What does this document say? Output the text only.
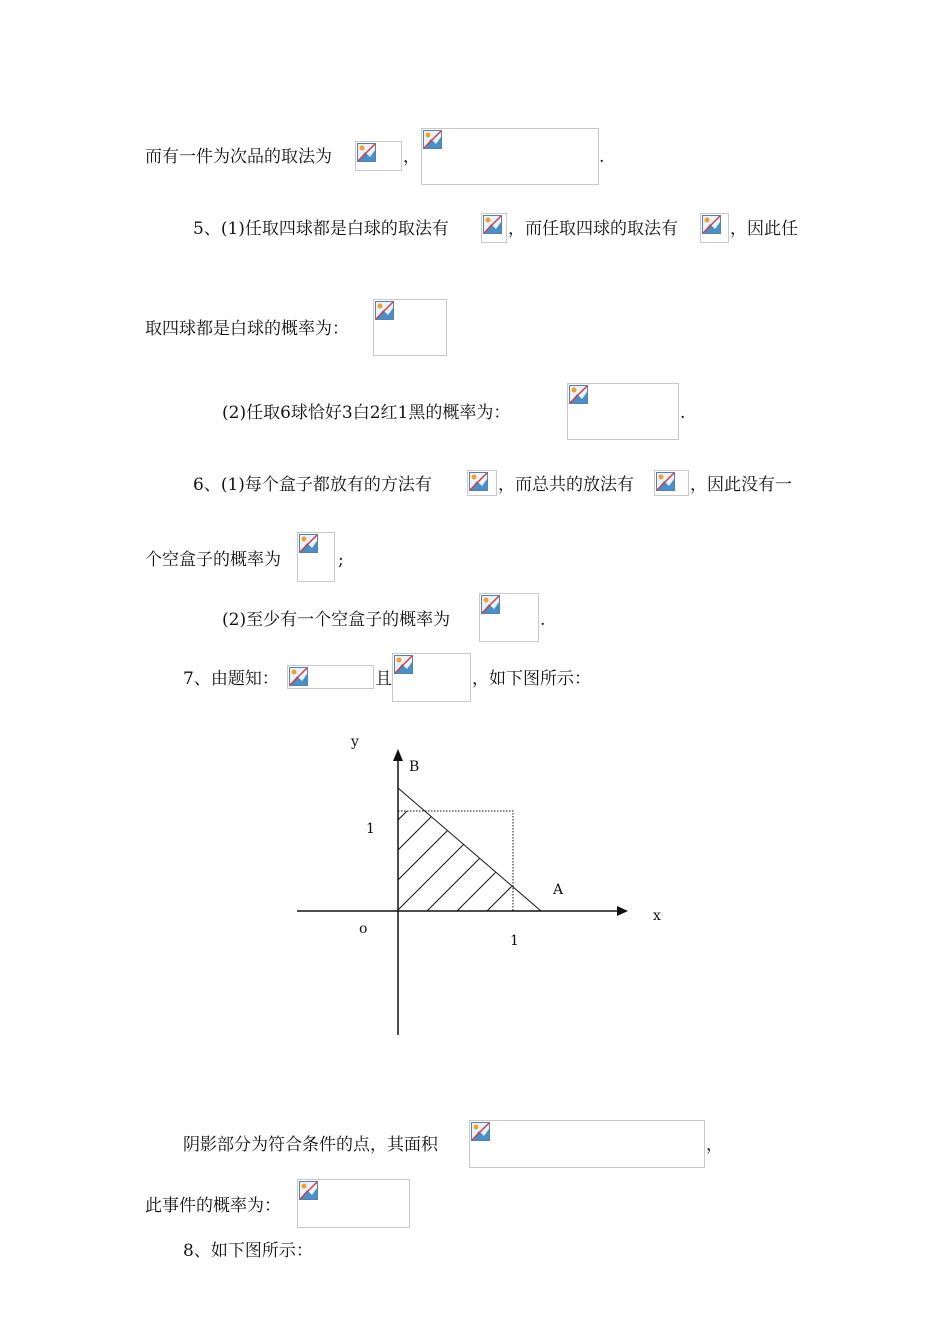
而有一件为次品的取法为	，	.
5、(1)任取四球都是白球的取法有	，而任取四球的取法有	，因此任
取四球都是白球的概率为：
(2)任取6球恰好3白2红1黑的概率为：	.
6、(1)每个盒子都放有的方法有	，而总共的放法有	，因此没有一
个空盒子的概率为	;
(2)至少有一个空盒子的概率为	.
7、由题知：	且	，如下图所示：
y
B
1
A
x
o
1
阴影部分为符合条件的点，其面积	，
此事件的概率为：
8、如下图所示：
